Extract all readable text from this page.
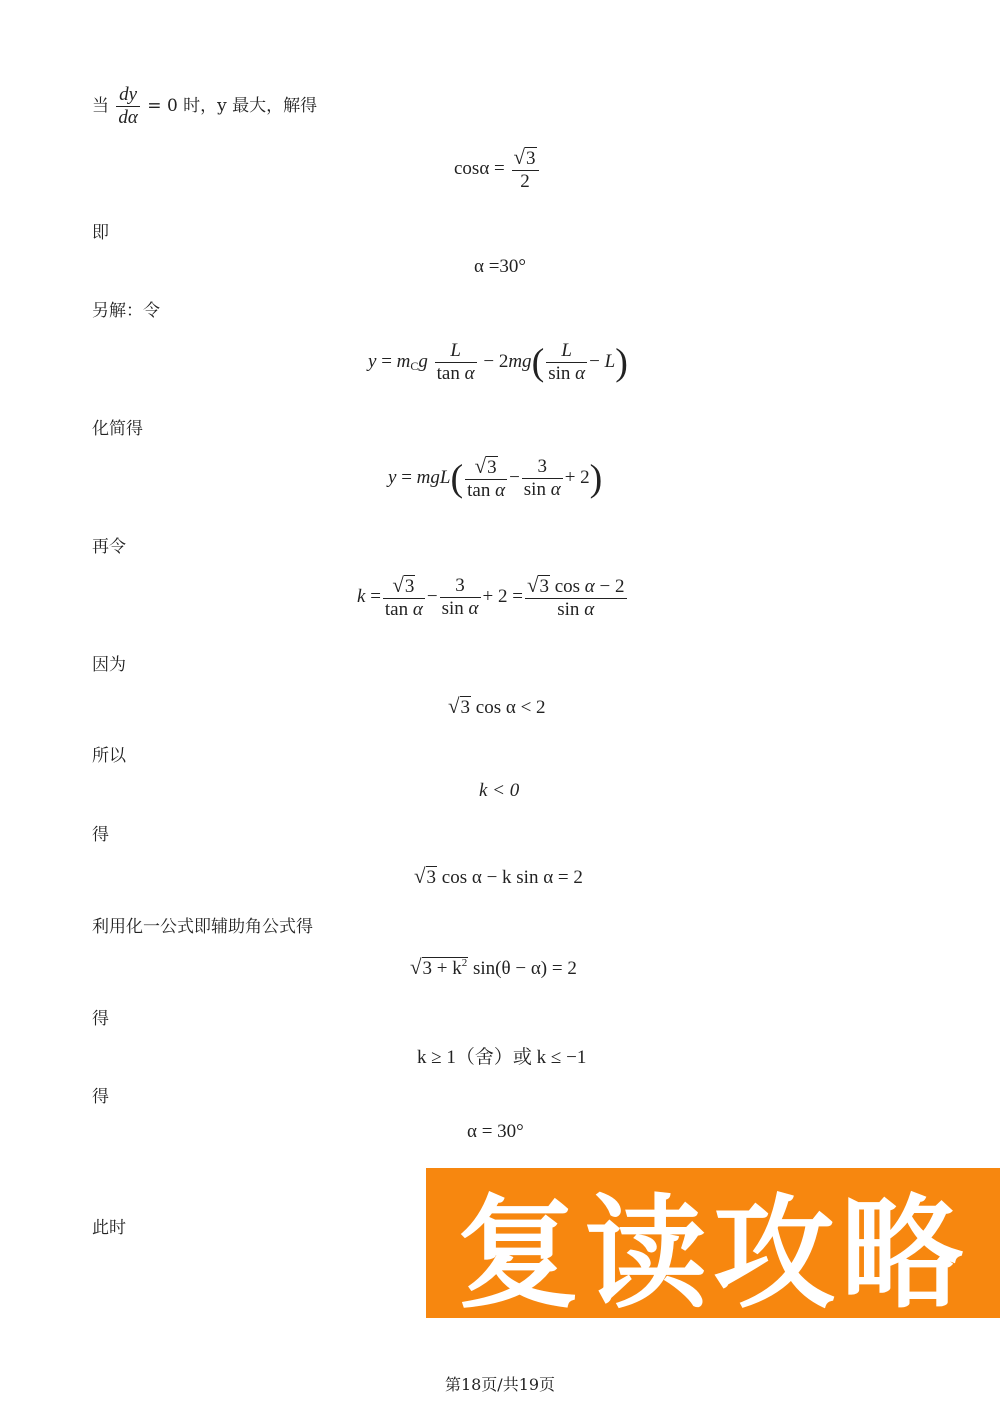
当 $\frac{dy}{d\alpha} = 0$ 时，y 最大，解得
$\cos\alpha = \frac{√3}{2}$
即
α =30°
另解：令
$y = m_Cg \frac{L}{\text{tan α}} - 2mg( \frac{L}{\text{sin α}} - L)$
化简得
$y = mgL( \frac{√3}{\text{tan α}} - \frac{3}{\text{sin α}} + 2)$
再令
$k = \frac{√3}{\text{tan α}} - \frac{3}{\text{sin α}} + 2 = \frac{\text{√3 cos α − 2}}{\text{sin α}}$
因为
√3 cos α < 2
所以
k < 0
得
√3 cos α − k sin α = 2
利用化一公式即辅助角公式得
$√3 + k^2$ sin(θ − α) = 2
得
k ≥ 1（舍）或 k ≤ −1
得
α = 30°
此时	复读攻略
第18页/共19页
